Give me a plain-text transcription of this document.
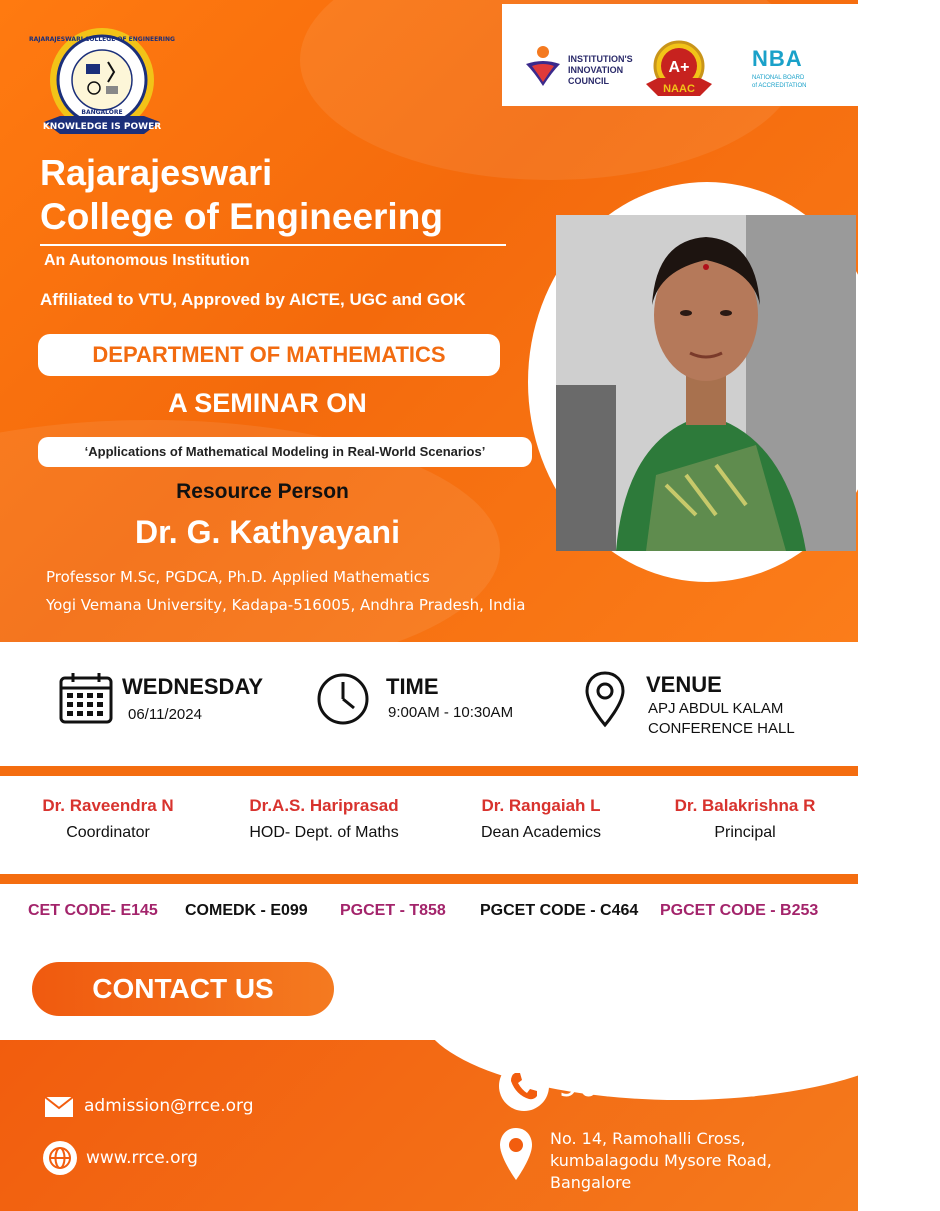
KNOWLEDGE IS POWER
RAJARAJESWARI COLLEGE OF ENGINEERING
BANGALORE
INSTITUTION'S
INNOVATION
COUNCIL
A+
NAAC
NBA
NATIONAL BOARD
of ACCREDITATION
Rajarajeswari
College of Engineering
An Autonomous Institution
Affiliated to VTU, Approved by AICTE, UGC and GOK
DEPARTMENT OF MATHEMATICS
A SEMINAR ON
‘Applications of Mathematical Modeling in Real-World Scenarios’
Resource Person
Dr. G. Kathyayani
Professor M.Sc, PGDCA, Ph.D. Applied Mathematics
Yogi Vemana University, Kadapa-516005, Andhra Pradesh, India
WEDNESDAY
06/11/2024
TIME
9:00AM - 10:30AM
VENUE
APJ ABDUL KALAM
CONFERENCE HALL
Dr. Raveendra N
Coordinator
Dr.A.S. Hariprasad
HOD- Dept. of Maths
Dr. Rangaiah L
Dean Academics
Dr. Balakrishna R
Principal
CET CODE- E145 COMEDK - E099 PGCET - T858 PGCET CODE - C464 PGCET CODE - B253
CONTACT US
admission@rrce.org
www.rrce.org
9008845678
No. 14, Ramohalli Cross,
kumbalagodu Mysore Road,
Bangalore
